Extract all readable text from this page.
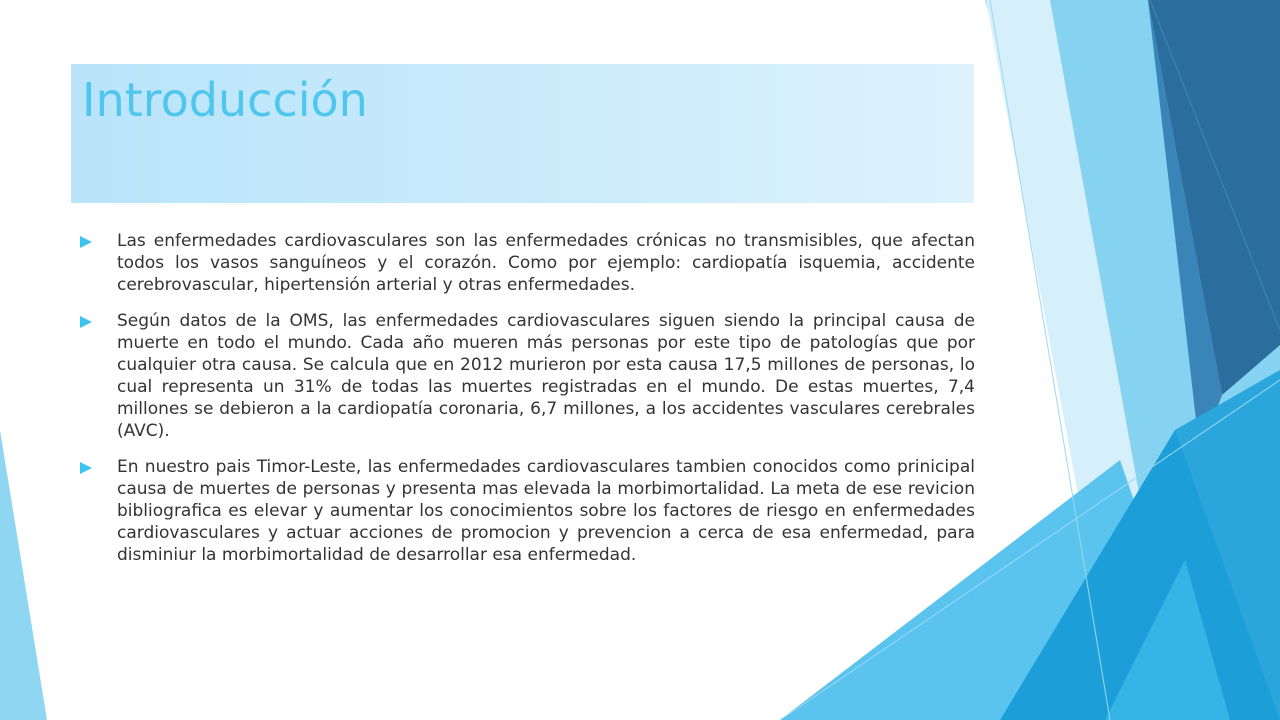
Introducción
Las enfermedades cardiovasculares son las enfermedades crónicas no transmisibles, que afectan todos los vasos sanguíneos y el corazón. Como por ejemplo: cardiopatía isquemia, accidente cerebrovascular, hipertensión arterial y otras enfermedades.
Según datos de la OMS, las enfermedades cardiovasculares siguen siendo la principal causa de muerte en todo el mundo. Cada año mueren más personas por este tipo de patologías que por cualquier otra causa. Se calcula que en 2012 murieron por esta causa 17,5 millones de personas, lo cual representa un 31% de todas las muertes registradas en el mundo. De estas muertes, 7,4 millones se debieron a la cardiopatía coronaria, 6,7 millones, a los accidentes vasculares cerebrales (AVC).
En nuestro pais Timor-Leste, las enfermedades cardiovasculares tambien conocidos como prinicipal causa de muertes de personas y presenta mas elevada la morbimortalidad. La meta de ese revicion bibliografica es elevar y aumentar los conocimientos sobre los factores de riesgo en enfermedades cardiovasculares y actuar acciones de promocion y prevencion a cerca de esa enfermedad, para disminiur la morbimortalidad de desarrollar esa enfermedad.
